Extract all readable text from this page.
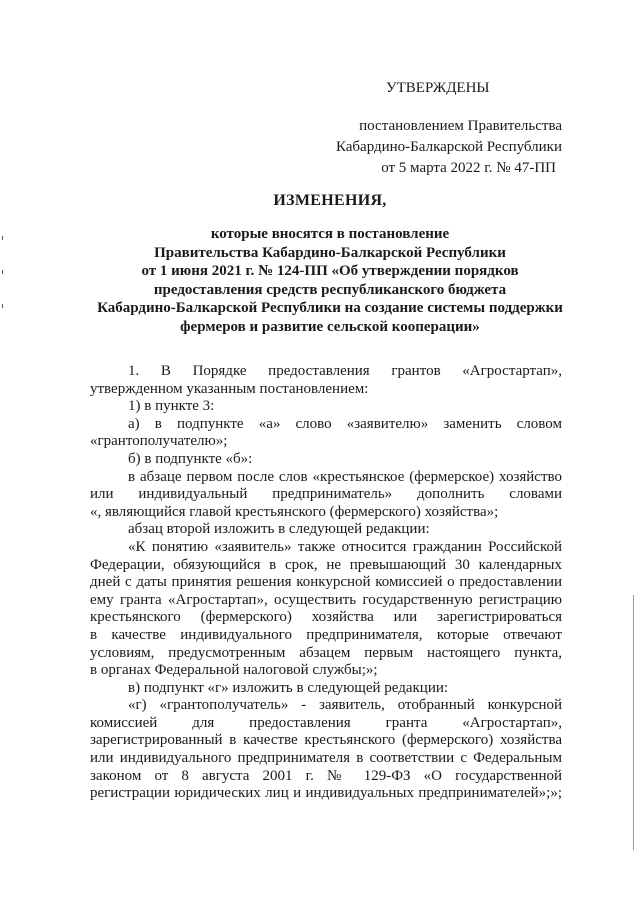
УТВЕРЖДЕНЫ
постановлением Правительства
Кабардино-Балкарской Республики
от 5 марта 2022 г. № 47-ПП
ИЗМЕНЕНИЯ,
которые вносятся в постановление
Правительства Кабардино-Балкарской Республики
от 1 июня 2021 г. № 124-ПП «Об утверждении порядков
предоставления средств республиканского бюджета
Кабардино-Балкарской Республики на создание системы поддержки
фермеров и развитие сельской кооперации»
1. В Порядке предоставления грантов «Агростартап»,
утвержденном указанным постановлением:
1) в пункте 3:
а) в подпункте «а» слово «заявителю» заменить словом
«грантополучателю»;
б) в подпункте «б»:
в абзаце первом после слов «крестьянское (фермерское) хозяйство
или индивидуальный предприниматель» дополнить словами
«, являющийся главой крестьянского (фермерского) хозяйства»;
абзац второй изложить в следующей редакции:
«К понятию «заявитель» также относится гражданин Российской
Федерации, обязующийся в срок, не превышающий 30 календарных
дней с даты принятия решения конкурсной комиссией о предоставлении
ему гранта «Агростартап», осуществить государственную регистрацию
крестьянского (фермерского) хозяйства или зарегистрироваться
в качестве индивидуального предпринимателя, которые отвечают
условиям, предусмотренным абзацем первым настоящего пункта,
в органах Федеральной налоговой службы;»;
в) подпункт «г» изложить в следующей редакции:
«г) «грантополучатель» - заявитель, отобранный конкурсной
комиссией для предоставления гранта «Агростартап»,
зарегистрированный в качестве крестьянского (фермерского) хозяйства
или индивидуального предпринимателя в соответствии с Федеральным
законом от 8 августа 2001 г. № 129-ФЗ «О государственной
регистрации юридических лиц и индивидуальных предпринимателей»;»;
